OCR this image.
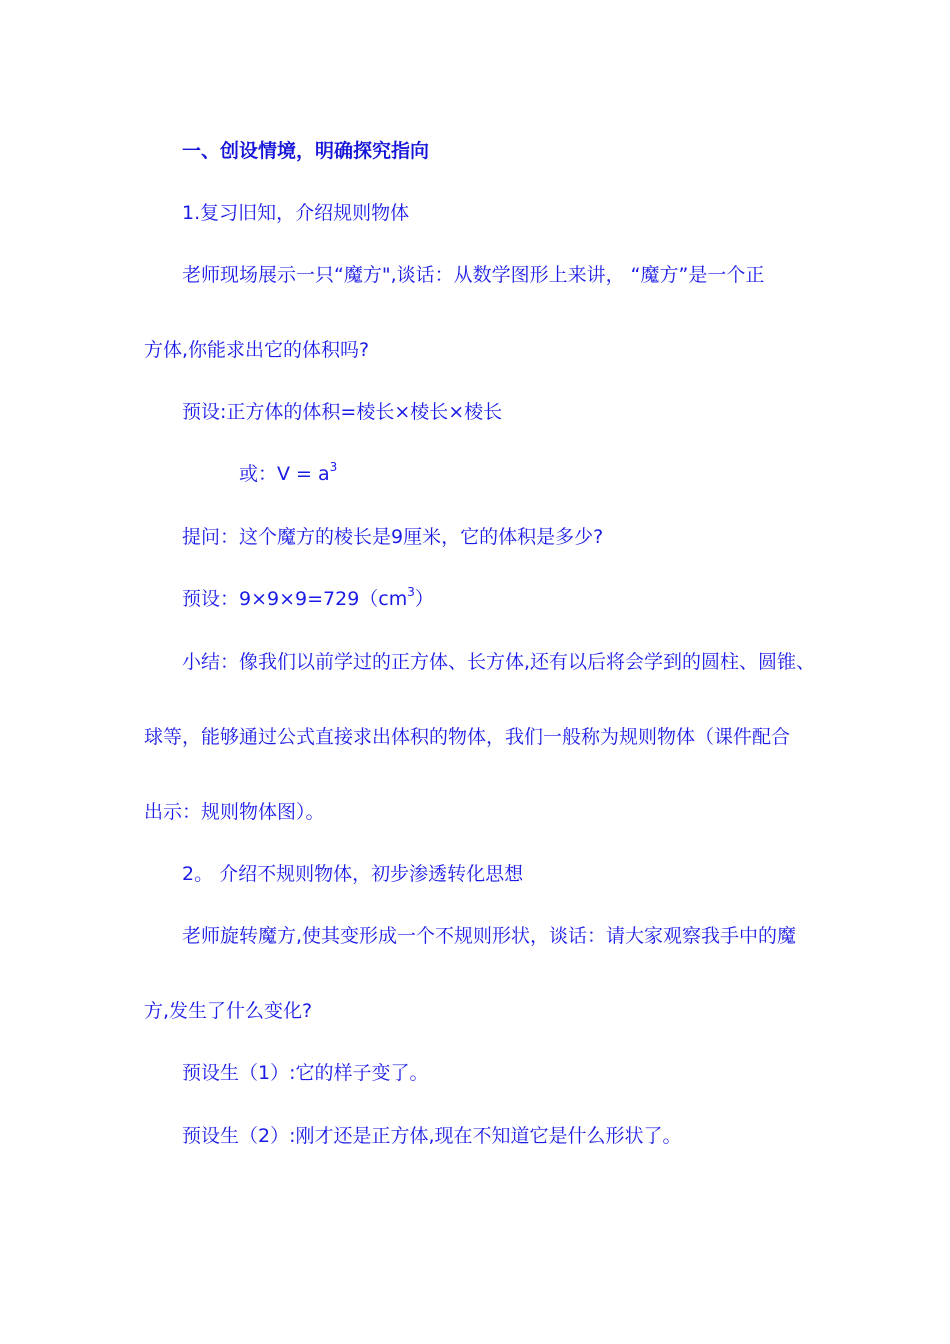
一、创设情境，明确探究指向
1.复习旧知，介绍规则物体
老师现场展示一只“魔方",谈话：从数学图形上来讲， “魔方”是一个正
方体,你能求出它的体积吗?
预设:正方体的体积=棱长×棱长×棱长
或：$V = a^3$
提问：这个魔方的棱长是9厘米，它的体积是多少?
预设：$9\times 9\times 9=729(cm^3)$
小结：像我们以前学过的正方体、长方体,还有以后将会学到的圆柱、圆锥、
球等，能够通过公式直接求出体积的物体，我们一般称为规则物体（课件配合
出示：规则物体图）。
2。 介绍不规则物体，初步渗透转化思想
老师旋转魔方,使其变形成一个不规则形状，谈话：请大家观察我手中的魔
方,发生了什么变化?
预设生（1）:它的样子变了。
预设生（2）:刚才还是正方体,现在不知道它是什么形状了。
